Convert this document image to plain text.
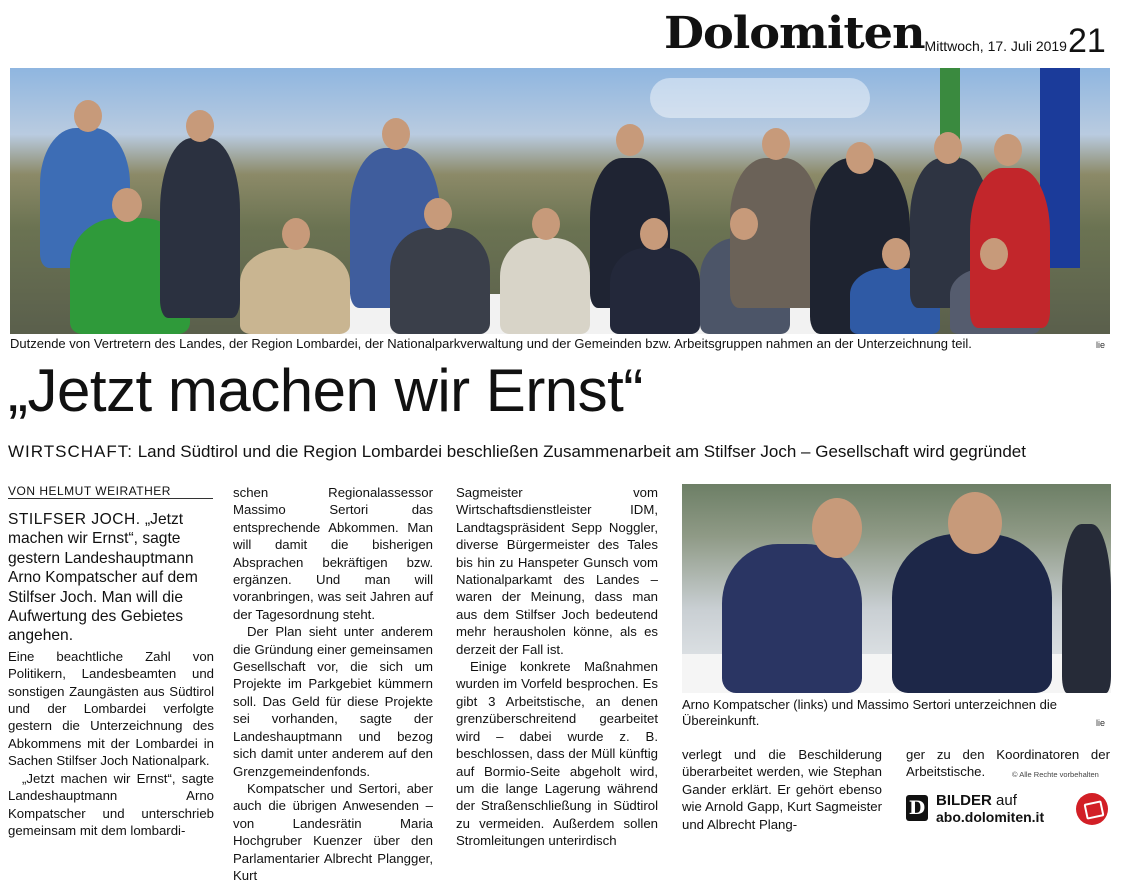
Dolomiten
- Mittwoch, 17. Juli 2019 21
Dutzende von Vertretern des Landes, der Region Lombardei, der Nationalparkverwaltung und der Gemeinden bzw. Arbeitsgruppen nahmen an der Unterzeichnung teil.	lie
„Jetzt machen wir Ernst“
WIRTSCHAFT: Land Südtirol und die Region Lombardei beschließen Zusammenarbeit am Stilfser Joch – Gesellschaft wird gegründet
VON HELMUT WEIRATHER

STILFSER JOCH. „Jetzt machen wir Ernst“, sagte gestern Landeshauptmann Arno Kompatscher auf dem Stilfser Joch. Man will die Aufwertung des Gebietes angehen.

Eine beachtliche Zahl von Politikern, Landesbeamten und sonstigen Zaungästen aus Südtirol und der Lombardei verfolgte gestern die Unterzeichnung des Abkommens mit der Lombardei in Sachen Stilfser Joch Nationalpark.

„Jetzt machen wir Ernst“, sagte Landeshauptmann Arno Kompatscher und unterschrieb gemeinsam mit dem lombardi-

schen Regionalassessor Massimo Sertori das entsprechende Abkommen. Man will damit die bisherigen Absprachen bekräftigen bzw. ergänzen. Und man will voranbringen, was seit Jahren auf der Tagesordnung steht.

Der Plan sieht unter anderem die Gründung einer gemeinsamen Gesellschaft vor, die sich um Projekte im Parkgebiet kümmern soll. Das Geld für diese Projekte sei vorhanden, sagte der Landeshauptmann und bezog sich damit unter anderem auf den Grenzgemeindenfonds.

Kompatscher und Sertori, aber auch die übrigen Anwesenden – von Landesrätin Maria Hochgruber Kuenzer über den Parlamentarier Albrecht Plangger, Kurt

Sagmeister vom Wirtschaftsdienstleister IDM, Landtagspräsident Sepp Noggler, diverse Bürgermeister des Tales bis hin zu Hanspeter Gunsch vom Nationalparkamt des Landes – waren der Meinung, dass man aus dem Stilfser Joch bedeutend mehr herausholen könne, als es derzeit der Fall ist.

Einige konkrete Maßnahmen wurden im Vorfeld besprochen. Es gibt 3 Arbeitstische, an denen grenzüberschreitend gearbeitet wird – dabei wurde z. B. beschlossen, dass der Müll künftig auf Bormio-Seite abgeholt wird, um die lange Lagerung während der Straßenschließung in Südtirol zu vermeiden. Außerdem sollen Stromleitungen unterirdisch

Arno Kompatscher (links) und Massimo Sertori unterzeichnen die Übereinkunft.	lie

verlegt und die Beschilderung überarbeitet werden, wie Stephan Gander erklärt. Er gehört ebenso wie Arnold Gapp, Kurt Sagmeister und Albrecht Plang-

ger zu den Koordinatoren der Arbeitstische.	© Alle Rechte vorbehalten
D BILDER auf
abo.dolomiten.it
